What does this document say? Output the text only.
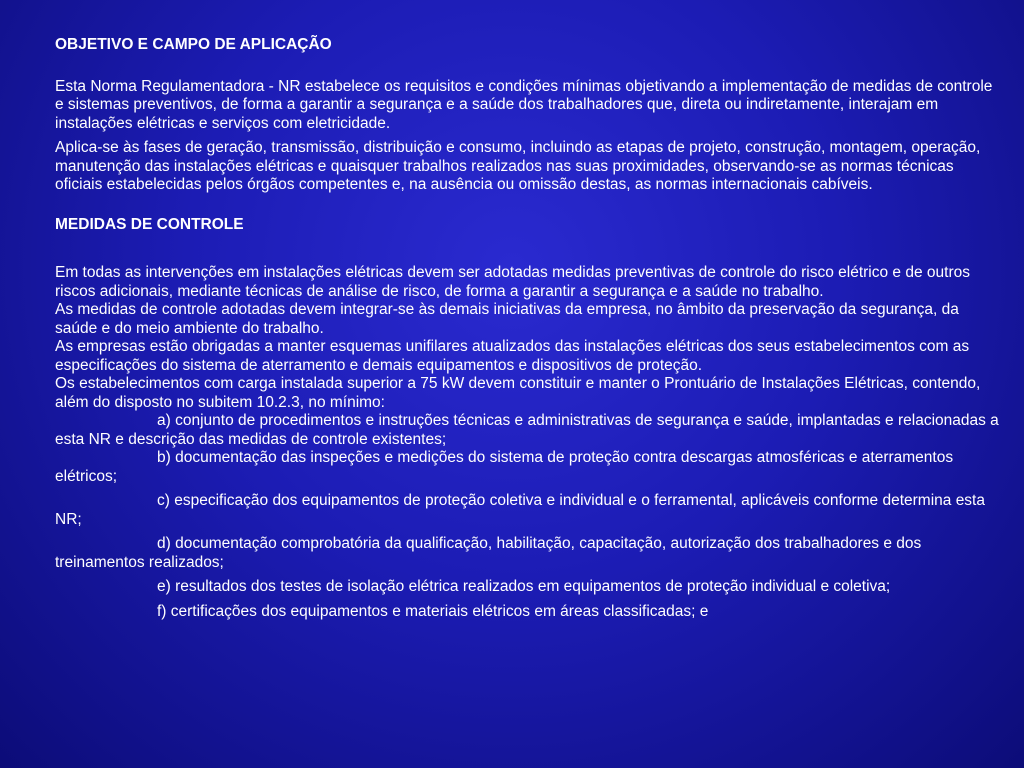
OBJETIVO E CAMPO DE APLICAÇÃO

Esta Norma Regulamentadora - NR estabelece os requisitos e condições mínimas objetivando a implementação de medidas de controle e sistemas preventivos, de forma a garantir a segurança e a saúde dos trabalhadores que, direta ou indiretamente, interajam em instalações elétricas e serviços com eletricidade.

Aplica-se às fases de geração, transmissão, distribuição e consumo, incluindo as etapas de projeto, construção, montagem, operação, manutenção das instalações elétricas e quaisquer trabalhos realizados nas suas proximidades, observando-se as normas técnicas oficiais estabelecidas pelos órgãos competentes e, na ausência ou omissão destas, as normas internacionais cabíveis.

MEDIDAS DE CONTROLE

Em todas as intervenções em instalações elétricas devem ser adotadas medidas preventivas de controle do risco elétrico e de outros riscos adicionais, mediante técnicas de análise de risco, de forma a garantir a segurança e a saúde no trabalho.

As medidas de controle adotadas devem integrar-se às demais iniciativas da empresa, no âmbito da preservação da segurança, da saúde e do meio ambiente do trabalho.

As empresas estão obrigadas a manter esquemas unifilares atualizados das instalações elétricas dos seus estabelecimentos com as especificações do sistema de aterramento e demais equipamentos e dispositivos de proteção.

Os estabelecimentos com carga instalada superior a 75 kW devem constituir e manter o Prontuário de Instalações Elétricas, contendo, além do disposto no subitem 10.2.3, no mínimo:

a) conjunto de procedimentos e instruções técnicas e administrativas de segurança e saúde, implantadas e relacionadas a esta NR e descrição das medidas de controle existentes;

b) documentação das inspeções e medições do sistema de proteção contra descargas atmosféricas e aterramentos elétricos;

c) especificação dos equipamentos de proteção coletiva e individual e o ferramental, aplicáveis conforme determina esta NR;

d) documentação comprobatória da qualificação, habilitação, capacitação, autorização dos trabalhadores e dos treinamentos realizados;

e) resultados dos testes de isolação elétrica realizados em equipamentos de proteção individual e coletiva;

f) certificações dos equipamentos e materiais elétricos em áreas classificadas; e
